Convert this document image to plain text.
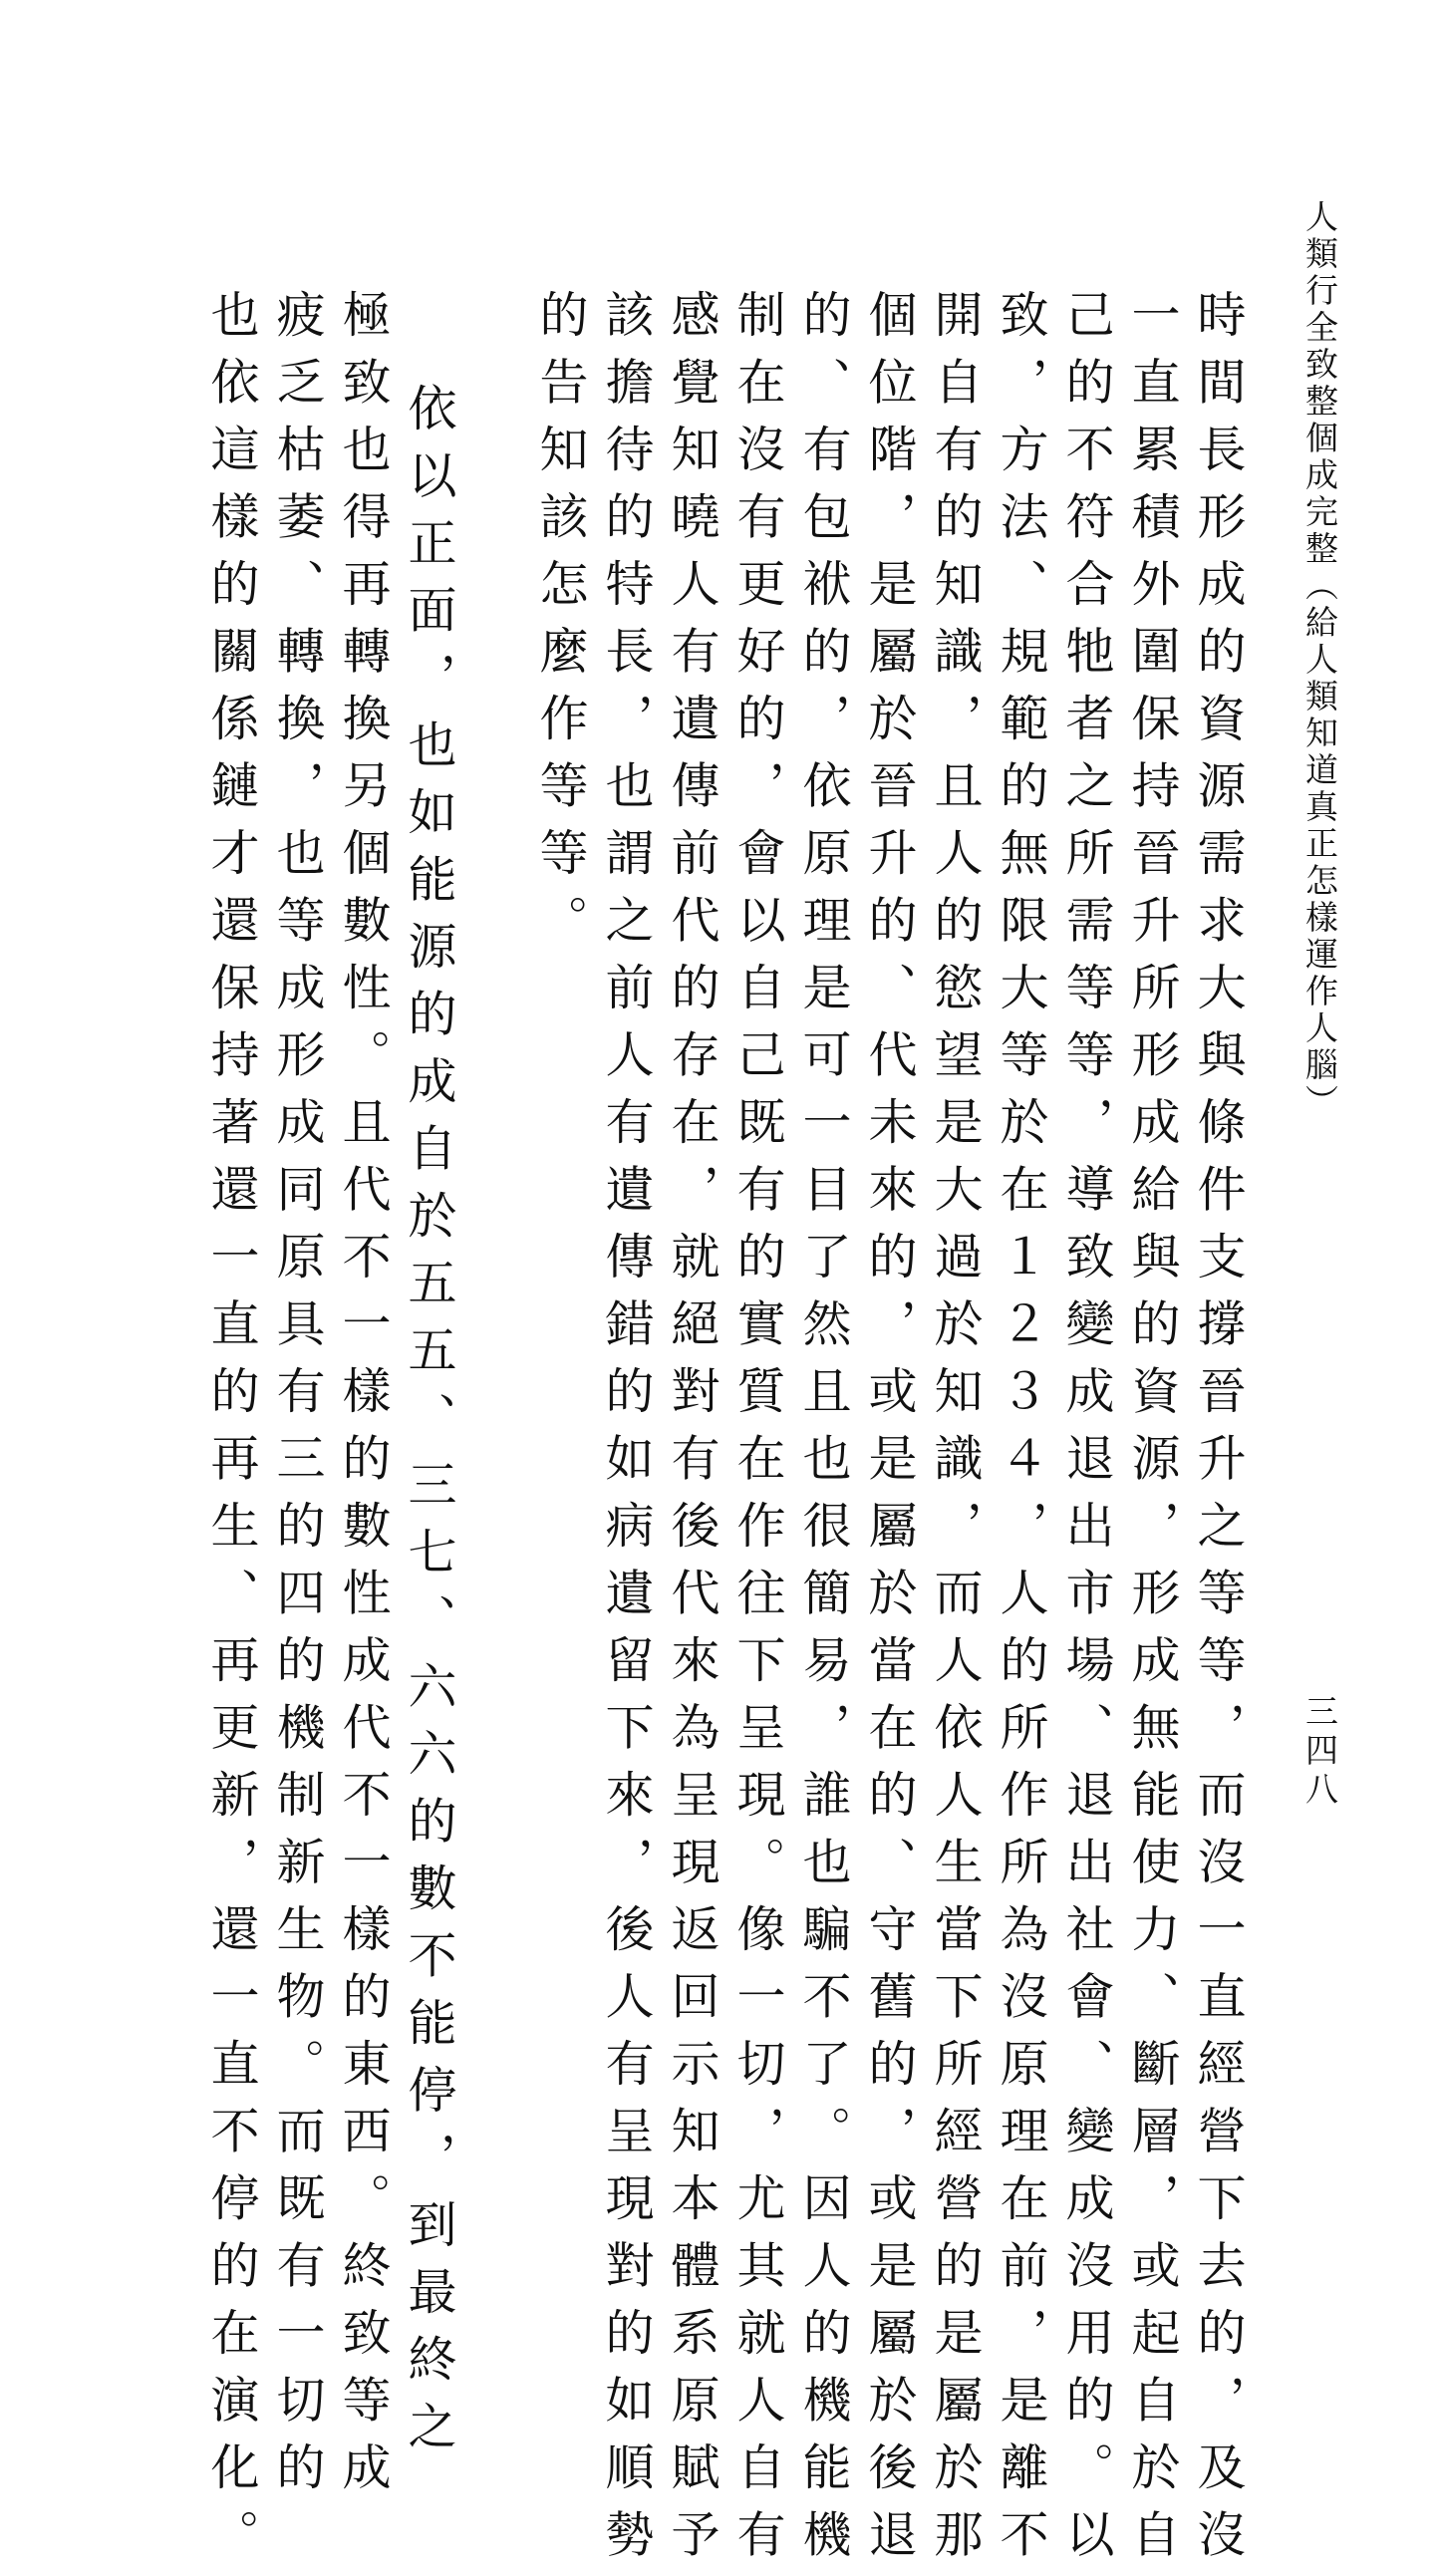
人類行全致整個成完整（給人類知道真正怎樣運作人腦）
三四八
時間長形成的資源需求大與條件支撐晉升之等等，而沒一直經營下去的，及沒
一直累積外圍保持晉升所形成給與的資源，形成無能使力、斷層，或起自於自
己的不符合牠者之所需等等，導致變成退出市場、退出社會、變成沒用的。以
致，方法、規範的無限大等於在１２３４，人的所作所為沒原理在前，是離不
開自有的知識，且人的慾望是大過於知識，而人依人生當下所經營的是屬於那
個位階，是屬於晉升的、代未來的，或是屬於當在的、守舊的，或是屬於後退
的、有包袱的，依原理是可一目了然且也很簡易，誰也騙不了。因人的機能機
制在沒有更好的，會以自己既有的實質在作往下呈現。像一切，尤其就人自有
感覺知曉人有遺傳前代的存在，就絕對有後代來為呈現返回示知本體系原賦予
該擔待的特長，也謂之前人有遺傳錯的如病遺留下來，後人有呈現對的如順勢
的告知該怎麼作等等。
依以正面，也如能源的成自於五五、三七、六六的數不能停，到最終之
極致也得再轉換另個數性。且代不一樣的數性成代不一樣的東西。終致等成
疲乏枯萎、轉換，也等成形成同原具有三的四的機制新生物。而既有一切的
也依這樣的關係鏈才還保持著還一直的再生、再更新，還一直不停的在演化。
